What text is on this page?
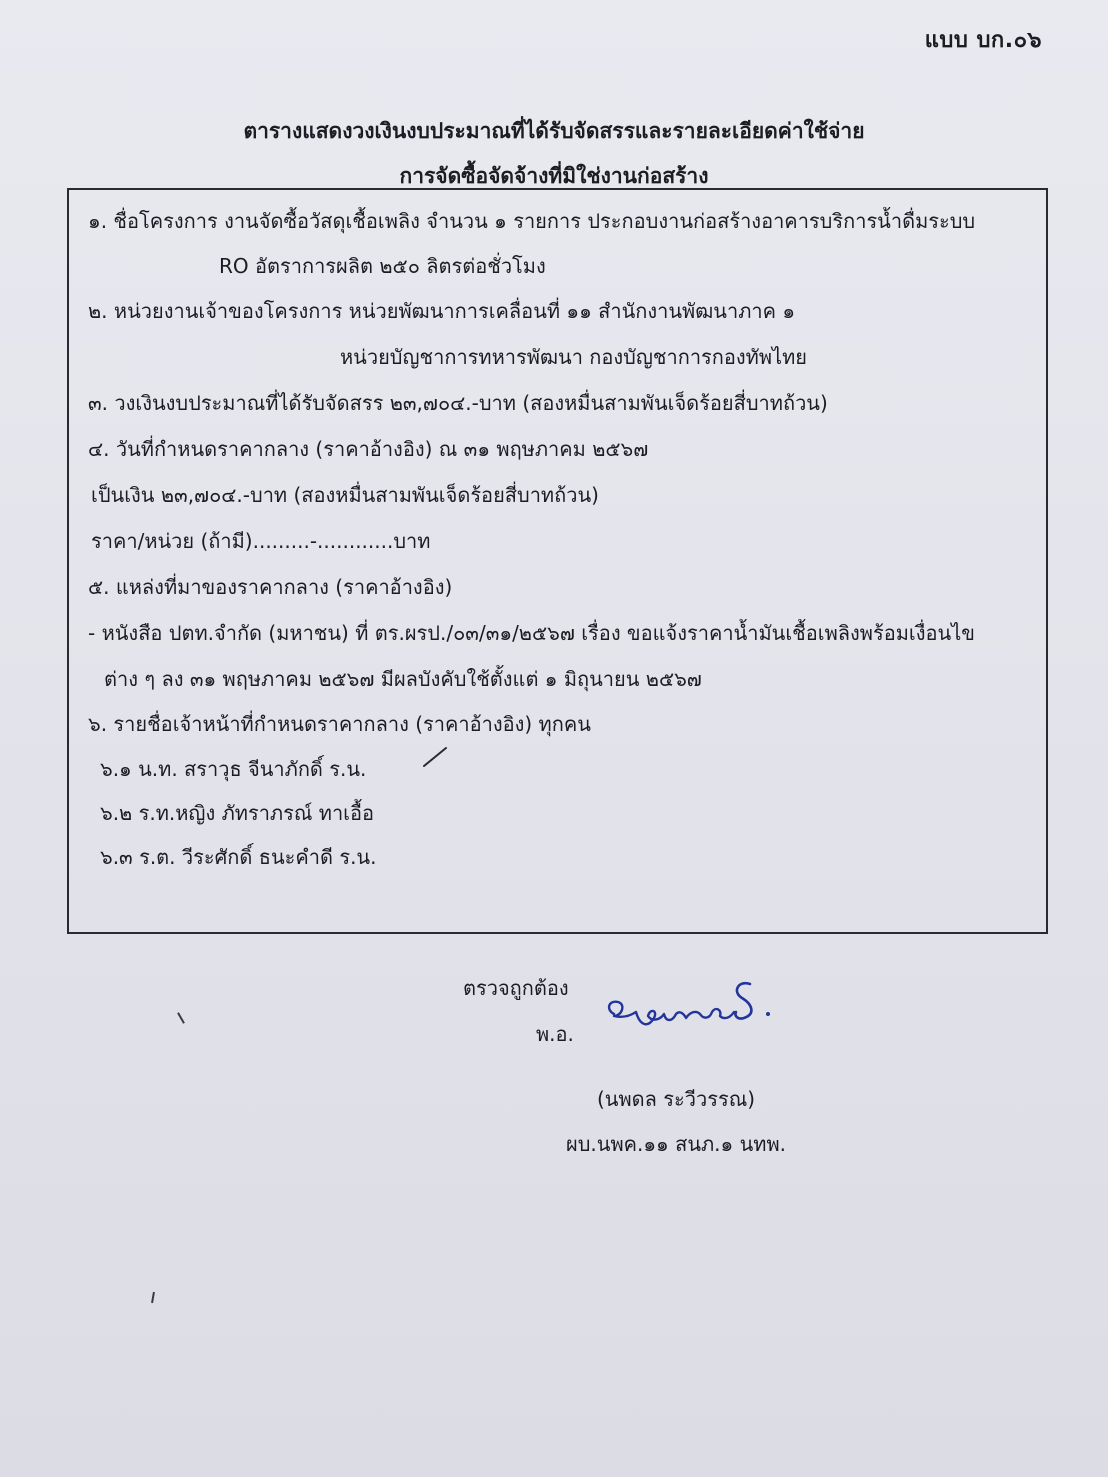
แบบ บก.๐๖
ตารางแสดงวงเงินงบประมาณที่ได้รับจัดสรรและรายละเอียดค่าใช้จ่าย
การจัดซื้อจัดจ้างที่มิใช่งานก่อสร้าง
๑. ชื่อโครงการ งานจัดซื้อวัสดุเชื้อเพลิง จำนวน ๑ รายการ ประกอบงานก่อสร้างอาคารบริการน้ำดื่มระบบ
RO อัตราการผลิต ๒๕๐ ลิตรต่อชั่วโมง
๒. หน่วยงานเจ้าของโครงการ หน่วยพัฒนาการเคลื่อนที่ ๑๑ สำนักงานพัฒนาภาค ๑
หน่วยบัญชาการทหารพัฒนา กองบัญชาการกองทัพไทย
๓. วงเงินงบประมาณที่ได้รับจัดสรร ๒๓,๗๐๔.-บาท (สองหมื่นสามพันเจ็ดร้อยสี่บาทถ้วน)
๔. วันที่กำหนดราคากลาง (ราคาอ้างอิง) ณ ๓๑ พฤษภาคม ๒๕๖๗
เป็นเงิน ๒๓,๗๐๔.-บาท (สองหมื่นสามพันเจ็ดร้อยสี่บาทถ้วน)
ราคา/หน่วย (ถ้ามี).........-............บาท
๕. แหล่งที่มาของราคากลาง (ราคาอ้างอิง)
- หนังสือ ปตท.จำกัด (มหาชน) ที่ ตร.ผรป./๐๓/๓๑/๒๕๖๗ เรื่อง ขอแจ้งราคาน้ำมันเชื้อเพลิงพร้อมเงื่อนไข
ต่าง ๆ ลง ๓๑ พฤษภาคม ๒๕๖๗ มีผลบังคับใช้ตั้งแต่ ๑ มิถุนายน ๒๕๖๗
๖. รายชื่อเจ้าหน้าที่กำหนดราคากลาง (ราคาอ้างอิง) ทุกคน
๖.๑ น.ท. สราวุธ จีนาภักดิ์ ร.น.
๖.๒ ร.ท.หญิง ภัทราภรณ์ ทาเอื้อ
๖.๓ ร.ต. วีระศักดิ์ ธนะคำดี ร.น.
ตรวจถูกต้อง
พ.อ.
(นพดล ระวีวรรณ)
ผบ.นพค.๑๑ สนภ.๑ นทพ.
